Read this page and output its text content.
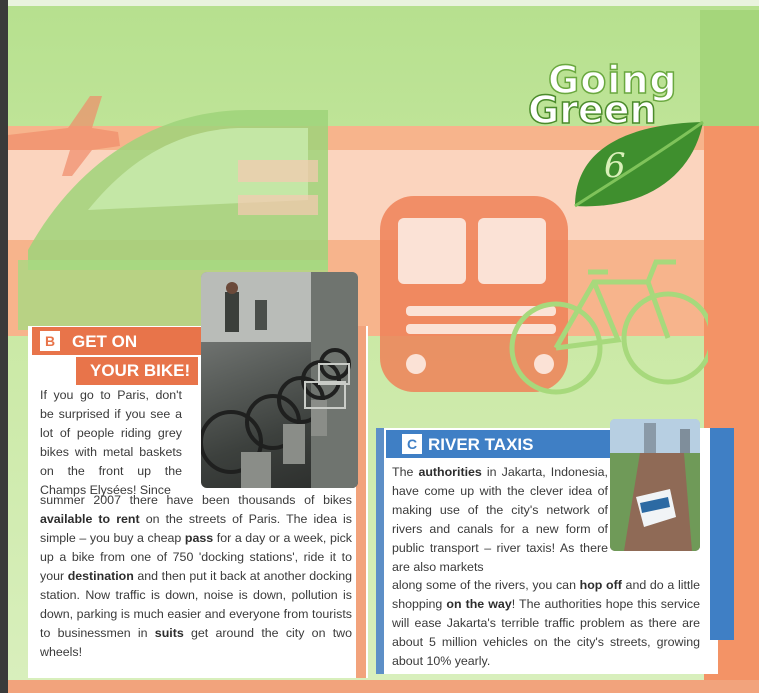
Going
Green
6
B GET ON
YOUR BIKE!
If you go to Paris, don't be surprised if you see a lot of people riding grey bikes with metal baskets on the front up the Champs Elysées! Since
summer 2007 there have been thousands of bikes available to rent on the streets of Paris. The idea is simple – you buy a cheap pass for a day or a week, pick up a bike from one of 750 'docking stations', ride it to your destination and then put it back at another docking station. Now traffic is down, noise is down, pollution is down, parking is much easier and everyone from tourists to businessmen in suits get around the city on two wheels!
C RIVER TAXIS
The authorities in Jakarta, Indonesia, have come up with the clever idea of making use of the city's network of rivers and canals for a new form of public transport – river taxis! As there are also markets
along some of the rivers, you can hop off and do a little shopping on the way! The authorities hope this service will ease Jakarta's terrible traffic problem as there are about 5 million vehicles on the city's streets, growing about 10% yearly.
